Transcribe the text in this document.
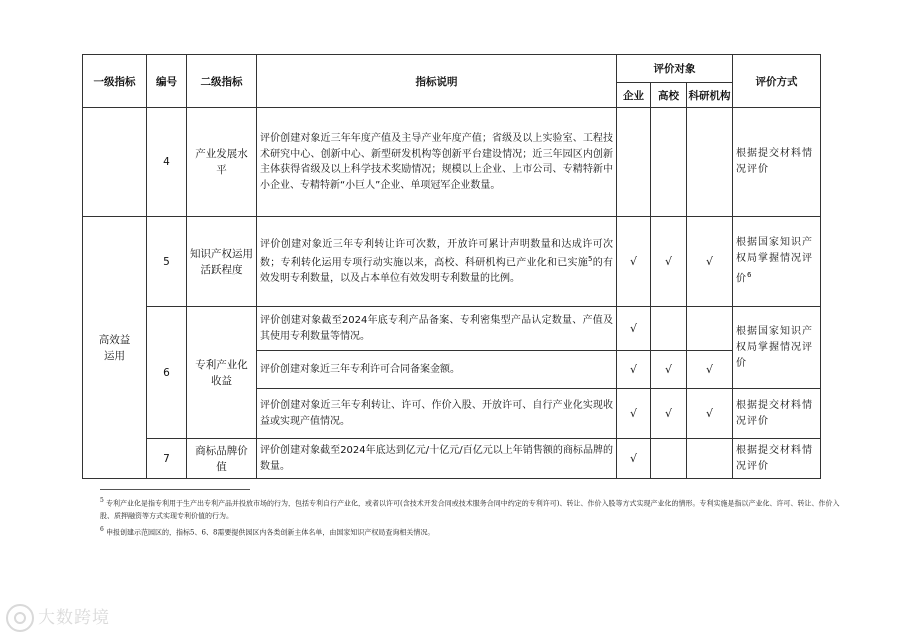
一级指标	编号	二级指标	指标说明	评价对象			评价方式
				企业	高校	科研机构	
	4	产业发展水平	评价创建对象近三年年度产值及主导产业年度产值；省级及以上实验室、工程技术研究中心、创新中心、新型研发机构等创新平台建设情况；近三年园区内创新主体获得省级及以上科学技术奖励情况；规模以上企业、上市公司、专精特新中小企业、专精特新“小巨人”企业、单项冠军企业数量。				根据提交材料情况评价
高效益运用	5	知识产权运用活跃程度	评价创建对象近三年专利转让许可次数，开放许可累计声明数量和达成许可次数；专利转化运用专项行动实施以来，高校、科研机构已产业化和已实施$^5$的有效发明专利数量，以及占本单位有效发明专利数量的比例。	√	√	√	根据国家知识产权局掌握情况评价$^6$
	6	专利产业化收益	评价创建对象截至2024年底专利产品备案、专利密集型产品认定数量、产值及其使用专利数量等情况。	√			根据国家知识产权局掌握情况评价
			评价创建对象近三年专利许可合同备案金额。	√	√	√	
			评价创建对象近三年专利转让、许可、作价入股、开放许可、自行产业化实现收益或实现产值情况。	√	√	√	根据提交材料情况评价
	7	商标品牌价值	评价创建对象截至2024年底达到亿元/十亿元/百亿元以上年销售额的商标品牌的数量。	√			根据提交材料情况评价
$^5$ 专利产业化是指专利用于生产出专利产品并投放市场的行为，包括专利自行产业化，或者以许可(含技术开发合同或技术服务合同中约定的专利许可)、转让、作价入股等方式实现产业化的情形。专利实施是指以产业化、许可、转让、作价入股、质押融资等方式实现专利价值的行为。
$^6$ 申报创建示范园区的，指标5、6、8需要提供园区内各类创新主体名单，由国家知识产权局查询相关情况。
大数跨境
